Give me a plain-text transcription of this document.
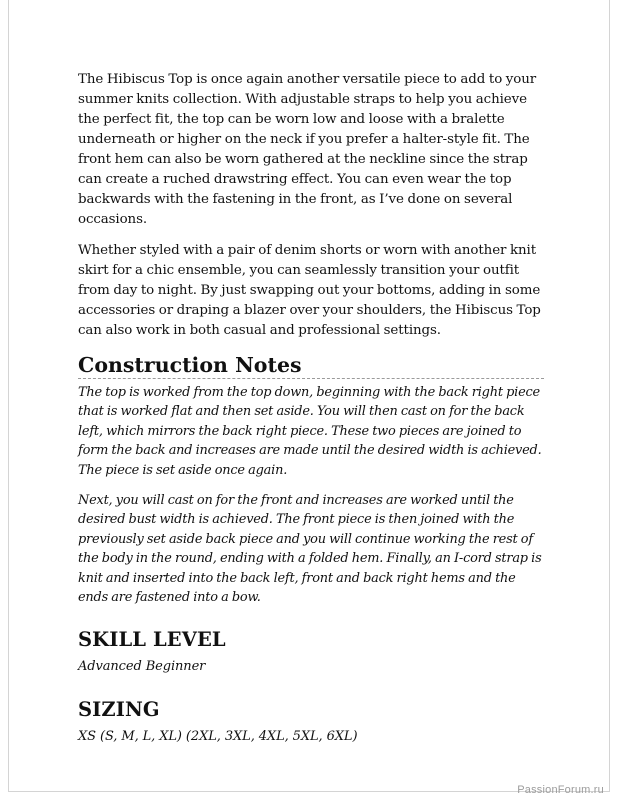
The Hibiscus Top is once again another versatile piece to add to your summer knits collection. With adjustable straps to help you achieve the perfect fit, the top can be worn low and loose with a bralette underneath or higher on the neck if you prefer a halter-style fit. The front hem can also be worn gathered at the neckline since the strap can create a ruched drawstring effect. You can even wear the top backwards with the fastening in the front, as I’ve done on several occasions.

Whether styled with a pair of denim shorts or worn with another knit skirt for a chic ensemble, you can seamlessly transition your outfit from day to night. By just swapping out your bottoms, adding in some accessories or draping a blazer over your shoulders, the Hibiscus Top can also work in both casual and professional settings.

Construction Notes

The top is worked from the top down, beginning with the back right piece that is worked flat and then set aside. You will then cast on for the back left, which mirrors the back right piece. These two pieces are joined to form the back and increases are made until the desired width is achieved. The piece is set aside once again.

Next, you will cast on for the front and increases are worked until the desired bust width is achieved. The front piece is then joined with the previously set aside back piece and you will continue working the rest of the body in the round, ending with a folded hem. Finally, an I-cord strap is knit and inserted into the back left, front and back right hems and the ends are fastened into a bow.

SKILL LEVEL

Advanced Beginner

SIZING

XS (S, M, L, XL) (2XL, 3XL, 4XL, 5XL, 6XL)

PassionForum.ru
